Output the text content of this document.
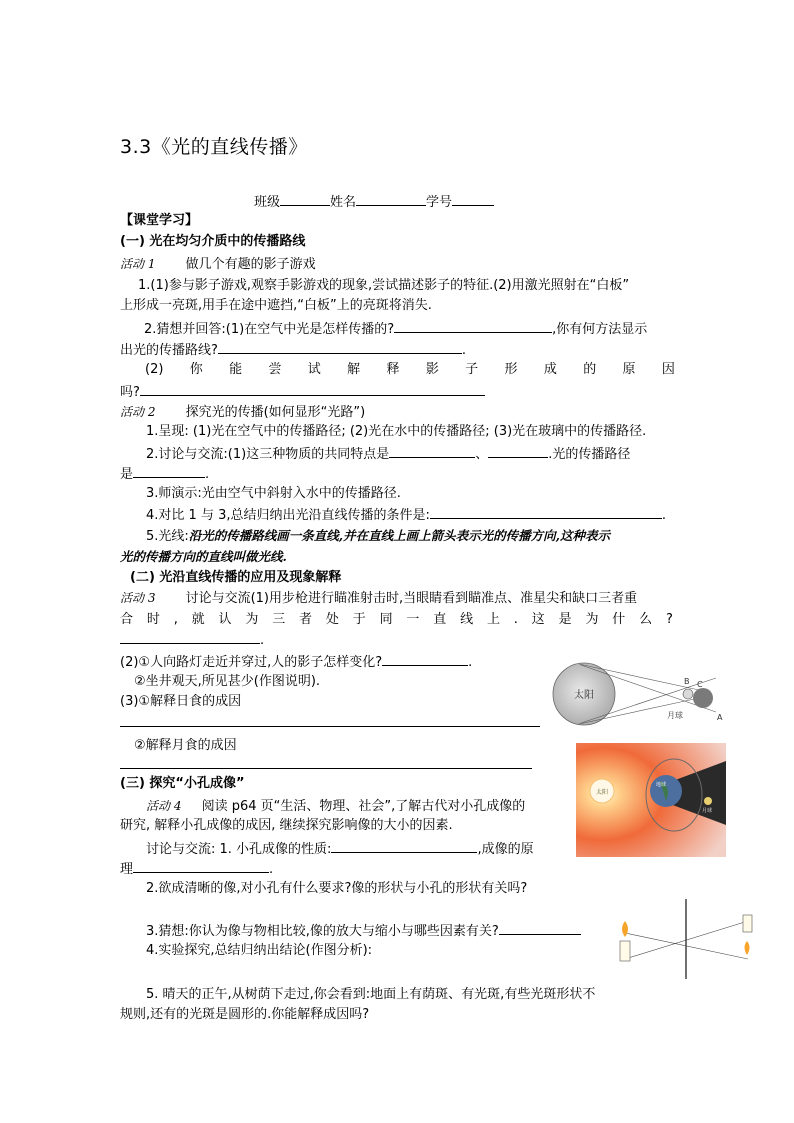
3.3《光的直线传播》
班级	姓名	学号
【课堂学习】
(一) 光在均匀介质中的传播路线
活动 1 做几个有趣的影子游戏
1.(1)参与影子游戏,观察手影游戏的现象,尝试描述影子的特征.(2)用激光照射在“白板”
上形成一亮斑,用手在途中遮挡,“白板”上的亮斑将消失.
2.猜想并回答:(1)在空气中光是怎样传播的?	,你有何方法显示
出光的传播路线?	.
(2) 你 能 尝 试 解 释 影 子 形 成 的 原 因
吗?
活动 2 探究光的传播(如何显形“光路”)
1.呈现: (1)光在空气中的传播路径; (2)光在水中的传播路径; (3)光在玻璃中的传播路径.
2.讨论与交流:(1)这三种物质的共同特点是	、	.光的传播路径
是	.
3.师演示:光由空气中斜射入水中的传播路径.
4.对比 1 与 3,总结归纳出光沿直线传播的条件是:	.
5.光线:沿光的传播路线画一条直线,并在直线上画上箭头表示光的传播方向,这种表示
光的传播方向的直线叫做光线.
(二) 光沿直线传播的应用及现象解释
活动 3 讨论与交流(1)用步枪进行瞄准射击时,当眼睛看到瞄准点、准星尖和缺口三者重
合 时 , 就 认 为 三 者 处 于 同 一 直 线 上 . 这 是 为 什 么 ?
.
(2)①人向路灯走近并穿过,人的影子怎样变化?	.
②坐井观天,所见甚少(作图说明).
(3)①解释日食的成因
②解释月食的成因
(三) 探究“小孔成像”
活动 4 阅读 p64 页“生活、物理、社会”,了解古代对小孔成像的
研究, 解释小孔成像的成因, 继续探究影响像的大小的因素.
讨论与交流: 1. 小孔成像的性质:	,成像的原
理	.
2.欲成清晰的像,对小孔有什么要求?像的形状与小孔的形状有关吗?
3.猜想:你认为像与物相比较,像的放大与缩小与哪些因素有关?
4.实验探究,总结归纳出结论(作图分析):
5. 晴天的正午,从树荫下走过,你会看到:地面上有荫斑、有光斑,有些光斑形状不
规则,还有的光斑是圆形的.你能解释成因吗?
太阳
B C
A
月球
太阳
地球
月球
